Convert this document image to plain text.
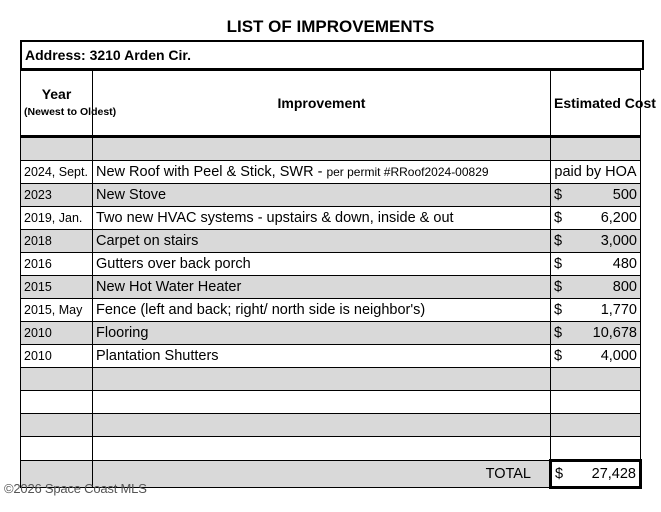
LIST OF IMPROVEMENTS
Address: 3210 Arden Cir.
Year
(Newest to Oldest)	Improvement	Estimated Cost

2024, Sept.	New Roof with Peel & Stick, SWR - per permit #RRoof2024-00829	paid by HOA

2023	New Stove	$ 500

2019, Jan.	Two new HVAC systems - upstairs & down, inside & out	$ 6,200

2018	Carpet on stairs	$ 3,000

2016	Gutters over back porch	$ 480

2015	New Hot Water Heater	$ 800

2015, May	Fence (left and back; right/ north side is neighbor's)	$ 1,770

2010	Flooring	$ 10,678

2010	Plantation Shutters	$ 4,000

	TOTAL	$ 27,428
©2026 Space Coast MLS
